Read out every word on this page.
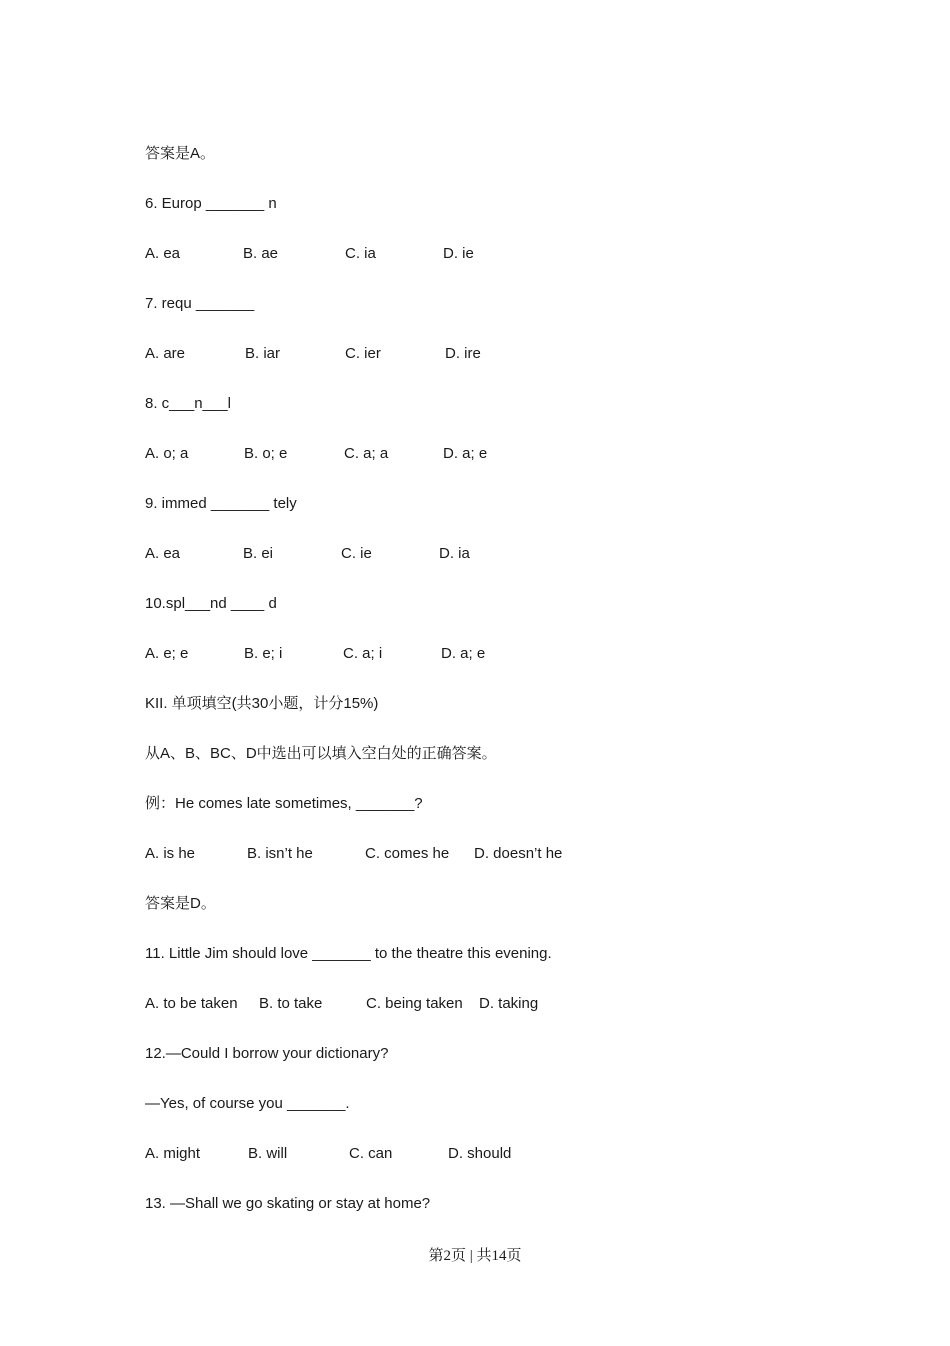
答案是A。
6. Europ _______ n
A. ea	B. ae	C. ia	D. ie
7. requ _______
A. are	B. iar	C. ier	D. ire
8. c___n___l
A. o; a	B. o; e	C. a; a	D. a; e
9. immed _______ tely
A. ea	B. ei	C. ie	D. ia
10.spl___nd ____ d
A. e; e	B. e; i	C. a; i	D. a; e
KII. 单项填空(共30小题，计分15%)
从A、B、BC、D中选出可以填入空白处的正确答案。
例：He comes late sometimes, _______?
A. is he	B. isn’t he	C. comes he D. doesn’t he
答案是D。
11. Little Jim should love _______ to the theatre this evening.
A. to be taken B. to take	C. being taken D. taking
12.—Could I borrow your dictionary?
—Yes, of course you _______.
A. might	B. will	C. can	D. should
13. —Shall we go skating or stay at home?
第2页 | 共14页
